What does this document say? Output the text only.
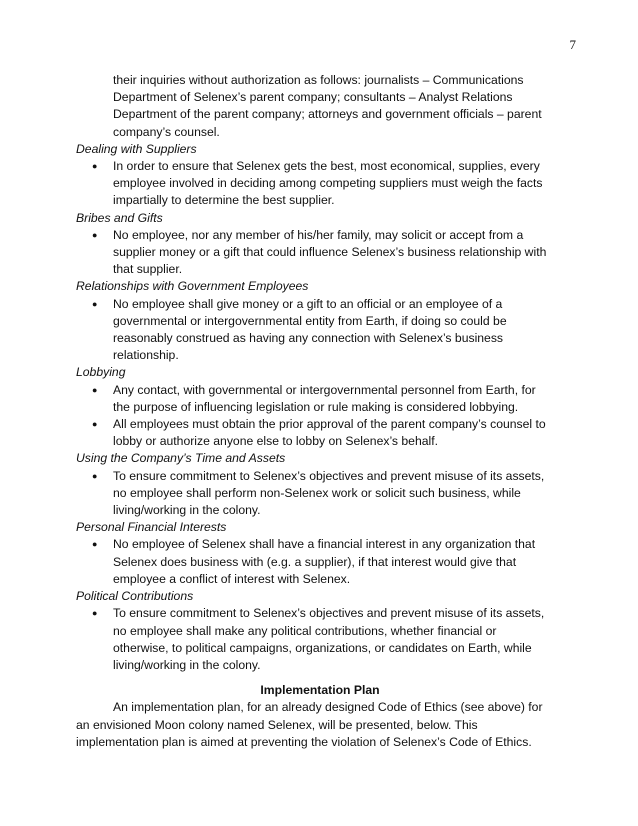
7
their inquiries without authorization as follows: journalists – Communications
Department of Selenex’s parent company; consultants – Analyst Relations
Department of the parent company; attorneys and government officials – parent
company’s counsel.
Dealing with Suppliers
● In order to ensure that Selenex gets the best, most economical, supplies, every
employee involved in deciding among competing suppliers must weigh the facts
impartially to determine the best supplier.
Bribes and Gifts
● No employee, nor any member of his/her family, may solicit or accept from a
supplier money or a gift that could influence Selenex’s business relationship with
that supplier.
Relationships with Government Employees
● No employee shall give money or a gift to an official or an employee of a
governmental or intergovernmental entity from Earth, if doing so could be
reasonably construed as having any connection with Selenex’s business
relationship.
Lobbying
● Any contact, with governmental or intergovernmental personnel from Earth, for
the purpose of influencing legislation or rule making is considered lobbying.
● All employees must obtain the prior approval of the parent company’s counsel to
lobby or authorize anyone else to lobby on Selenex’s behalf.
Using the Company’s Time and Assets
● To ensure commitment to Selenex’s objectives and prevent misuse of its assets,
no employee shall perform non-Selenex work or solicit such business, while
living/working in the colony.
Personal Financial Interests
● No employee of Selenex shall have a financial interest in any organization that
Selenex does business with (e.g. a supplier), if that interest would give that
employee a conflict of interest with Selenex.
Political Contributions
● To ensure commitment to Selenex’s objectives and prevent misuse of its assets,
no employee shall make any political contributions, whether financial or
otherwise, to political campaigns, organizations, or candidates on Earth, while
living/working in the colony.
Implementation Plan
An implementation plan, for an already designed Code of Ethics (see above) for
an envisioned Moon colony named Selenex, will be presented, below. This
implementation plan is aimed at preventing the violation of Selenex’s Code of Ethics.
